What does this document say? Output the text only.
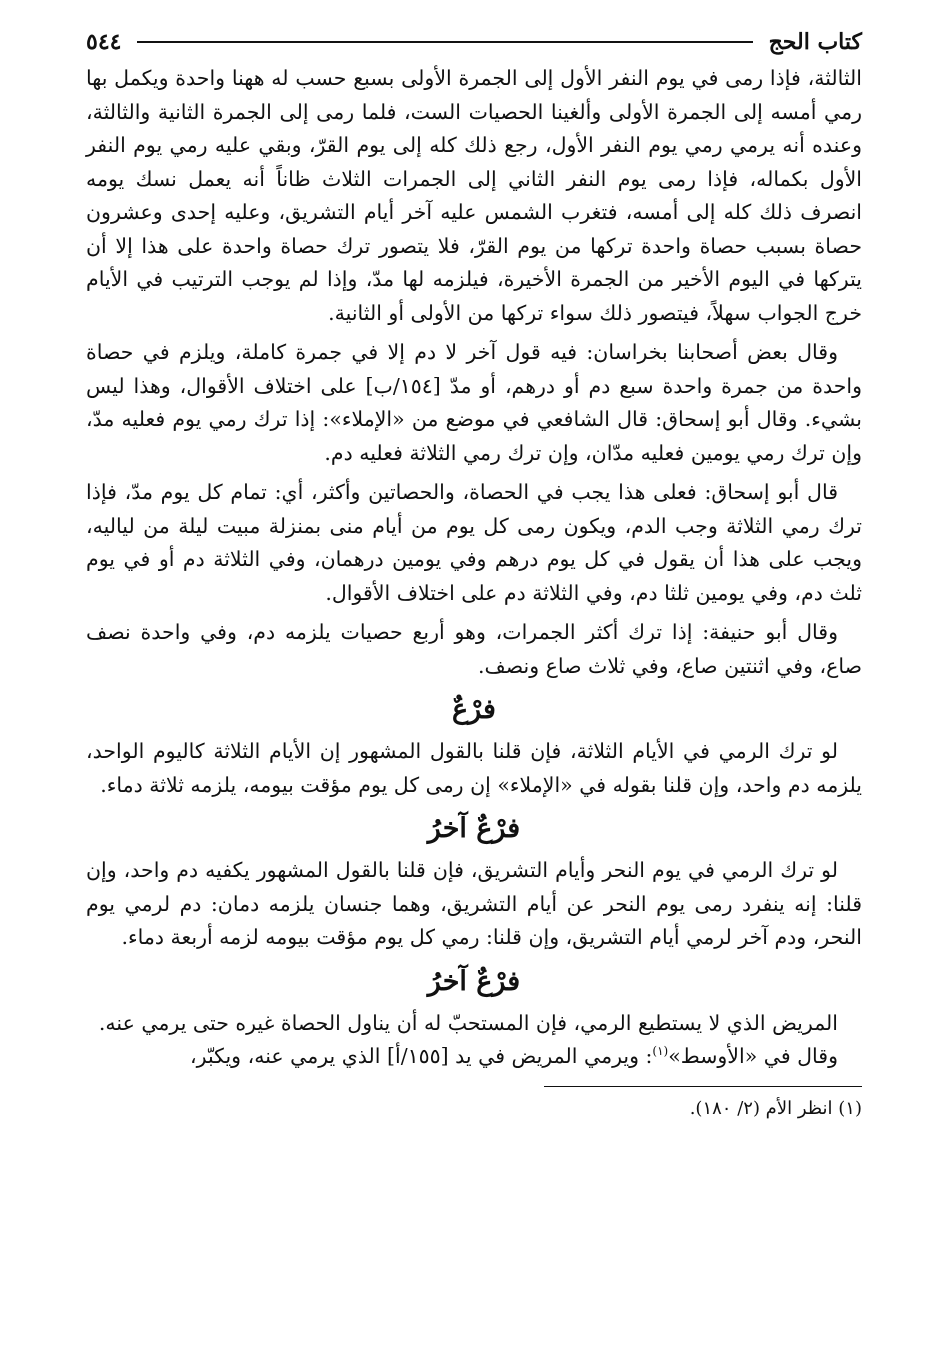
كتاب الحج
٥٤٤

الثالثة، فإذا رمى في يوم النفر الأول إلى الجمرة الأولى بسبع حسب له ههنا واحدة ويكمل بها رمي أمسه إلى الجمرة الأولى وألغينا الحصيات الست، فلما رمى إلى الجمرة الثانية والثالثة، وعنده أنه يرمي رمي يوم النفر الأول، رجع ذلك كله إلى يوم القرّ، وبقي عليه رمي يوم النفر الأول بكماله، فإذا رمى يوم النفر الثاني إلى الجمرات الثلاث ظاناً أنه يعمل نسك يومه انصرف ذلك كله إلى أمسه، فتغرب الشمس عليه آخر أيام التشريق، وعليه إحدى وعشرون حصاة بسبب حصاة واحدة تركها من يوم القرّ، فلا يتصور ترك حصاة واحدة على هذا إلا أن يتركها في اليوم الأخير من الجمرة الأخيرة، فيلزمه لها مدّ، وإذا لم يوجب الترتيب في الأيام خرج الجواب سهلاً، فيتصور ذلك سواء تركها من الأولى أو الثانية.

وقال بعض أصحابنا بخراسان: فيه قول آخر لا دم إلا في جمرة كاملة، ويلزم في حصاة واحدة من جمرة واحدة سبع دم أو درهم، أو مدّ [١٥٤/ب] على اختلاف الأقوال، وهذا ليس بشيء. وقال أبو إسحاق: قال الشافعي في موضع من «الإملاء»: إذا ترك رمي يوم فعليه مدّ، وإن ترك رمي يومين فعليه مدّان، وإن ترك رمي الثلاثة فعليه دم.

قال أبو إسحاق: فعلى هذا يجب في الحصاة، والحصاتين وأكثر، أي: تمام كل يوم مدّ، فإذا ترك رمي الثلاثة وجب الدم، ويكون رمى كل يوم من أيام منى بمنزلة مبيت ليلة من لياليه، ويجب على هذا أن يقول في كل يوم درهم وفي يومين درهمان، وفي الثلاثة دم أو في يوم ثلث دم، وفي يومين ثلثا دم، وفي الثلاثة دم على اختلاف الأقوال.

وقال أبو حنيفة: إذا ترك أكثر الجمرات، وهو أربع حصيات يلزمه دم، وفي واحدة نصف صاع، وفي اثنتين صاع، وفي ثلاث صاع ونصف.

فرْعٌ

لو ترك الرمي في الأيام الثلاثة، فإن قلنا بالقول المشهور إن الأيام الثلاثة كاليوم الواحد، يلزمه دم واحد، وإن قلنا بقوله في «الإملاء» إن رمى كل يوم مؤقت بيومه، يلزمه ثلاثة دماء.

فرْعٌ آخرُ

لو ترك الرمي في يوم النحر وأيام التشريق، فإن قلنا بالقول المشهور يكفيه دم واحد، وإن قلنا: إنه ينفرد رمى يوم النحر عن أيام التشريق، وهما جنسان يلزمه دمان: دم لرمي يوم النحر، ودم آخر لرمي أيام التشريق، وإن قلنا: رمي كل يوم مؤقت بيومه لزمه أربعة دماء.

فرْعٌ آخرُ

المريض الذي لا يستطيع الرمي، فإن المستحبّ له أن يناول الحصاة غيره حتى يرمي عنه.

وقال في «الأوسط»$^{(١)}$: ويرمي المريض في يد [١٥٥/أ] الذي يرمي عنه، ويكبّر،

(١) انظر الأم (٢/ ١٨٠).
